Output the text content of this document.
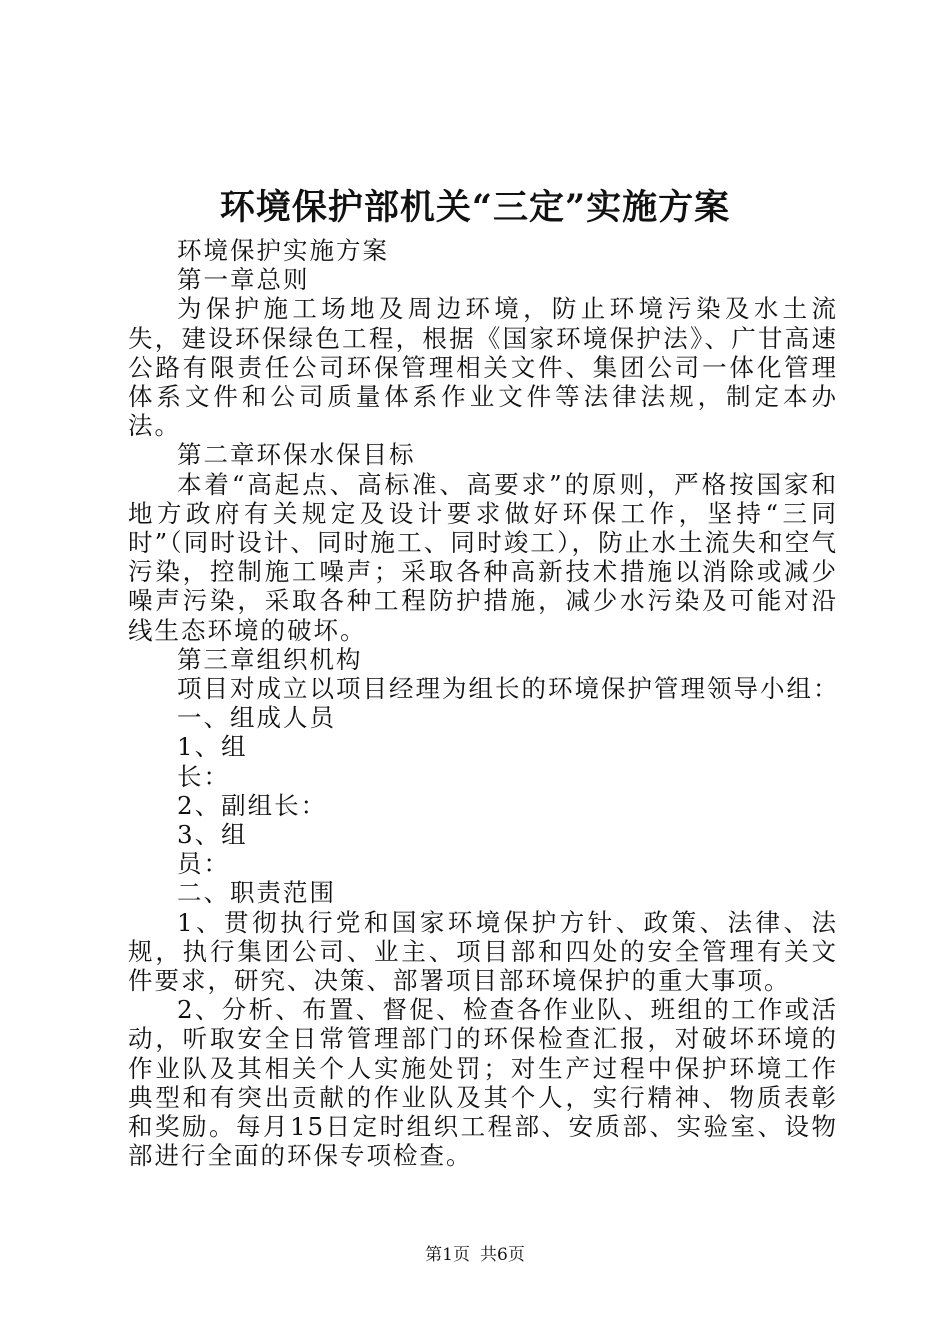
环境保护部机关“三定”实施方案

环境保护实施方案

第一章总则

为保护施工场地及周边环境，防止环境污染及水土流失，建设环保绿色工程，根据《国家环境保护法》、广甘高速公路有限责任公司环保管理相关文件、集团公司一体化管理体系文件和公司质量体系作业文件等法律法规，制定本办法。

第二章环保水保目标

本着“高起点、高标准、高要求”的原则，严格按国家和地方政府有关规定及设计要求做好环保工作，坚持“三同时”（同时设计、同时施工、同时竣工），防止水土流失和空气污染，控制施工噪声；采取各种高新技术措施以消除或减少噪声污染，采取各种工程防护措施，减少水污染及可能对沿线生态环境的破坏。

第三章组织机构

项目对成立以项目经理为组长的环境保护管理领导小组：

一、组成人员

1、组

长：

2、副组长：

3、组

员：

二、职责范围

1、贯彻执行党和国家环境保护方针、政策、法律、法规，执行集团公司、业主、项目部和四处的安全管理有关文件要求，研究、决策、部署项目部环境保护的重大事项。

2、分析、布置、督促、检查各作业队、班组的工作或活动，听取安全日常管理部门的环保检查汇报，对破坏环境的作业队及其相关个人实施处罚；对生产过程中保护环境工作典型和有突出贡献的作业队及其个人，实行精神、物质表彰和奖励。每月15日定时组织工程部、安质部、实验室、设物部进行全面的环保专项检查。

第1页 共6页
